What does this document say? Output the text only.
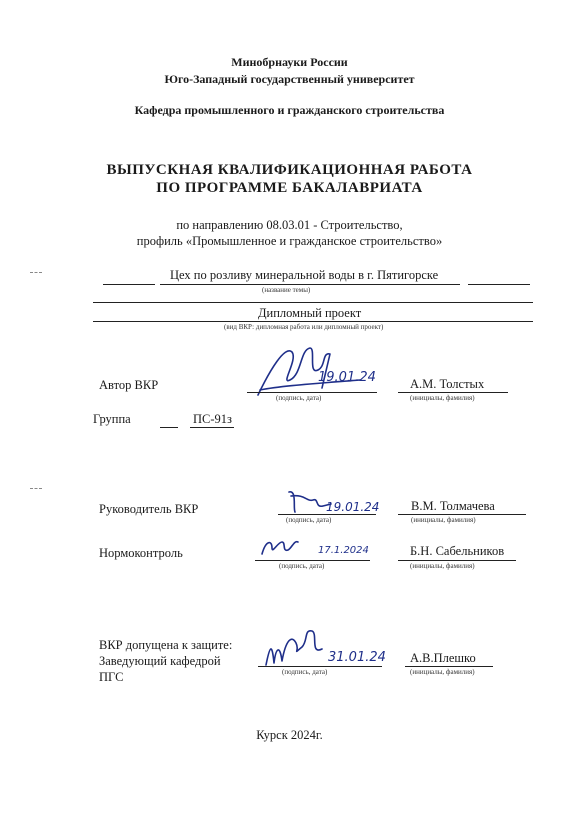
Минобрнауки России
Юго-Западный государственный университет
Кафедра промышленного и гражданского строительства
ВЫПУСКНАЯ КВАЛИФИКАЦИОННАЯ РАБОТА
ПО ПРОГРАММЕ БАКАЛАВРИАТА
по направлению 08.03.01 - Строительство,
профиль «Промышленное и гражданское строительство»
Цех по розливу минеральной воды в г. Пятигорске
(название темы)
Дипломный проект
(вид ВКР: дипломная работа или дипломный проект)
Автор ВКР	19.01.24
(подпись, дата)
А.М. Толстых
(инициалы, фамилия)
Группа	ПС-91з
Руководитель ВКР	19.01.24
(подпись, дата)
В.М. Толмачева
(инициалы, фамилия)
Нормоконтроль	17.1.2024
(подпись, дата)
Б.Н. Сабельников
(инициалы, фамилия)
ВКР допущена к защите:
Заведующий кафедрой
ПГС
31.01.24
(подпись, дата)
А.В.Плешко
(инициалы, фамилия)
Курск 2024г.
